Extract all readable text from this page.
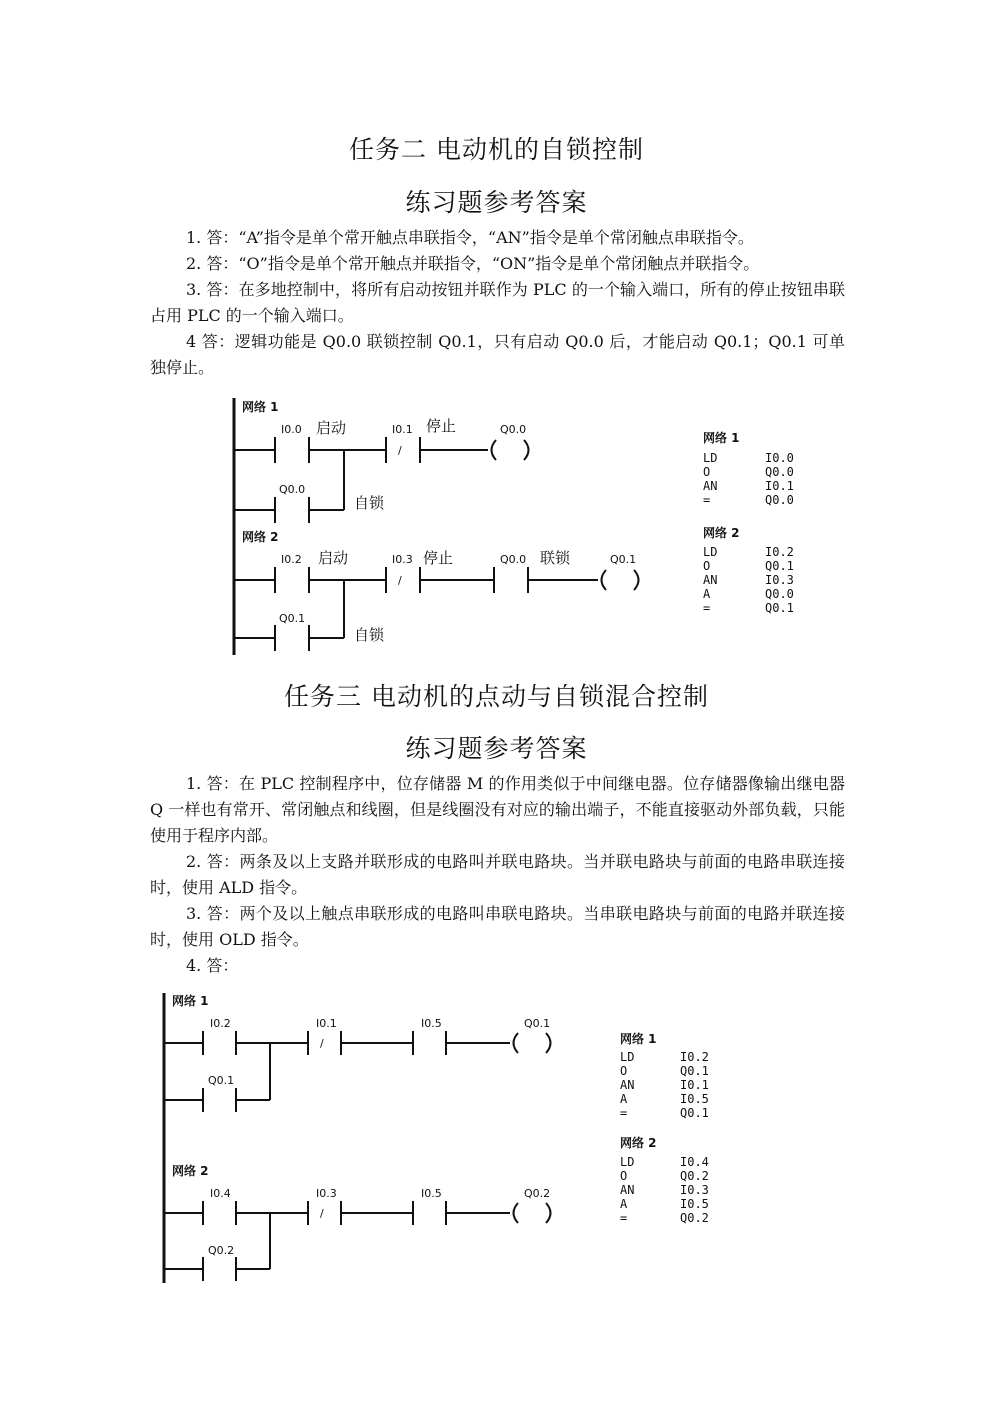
任务二 电动机的自锁控制
练习题参考答案
1. 答：“A”指令是单个常开触点串联指令，“AN”指令是单个常闭触点串联指令。
2. 答：“O”指令是单个常开触点并联指令，“ON”指令是单个常闭触点并联指令。
3. 答：在多地控制中，将所有启动按钮并联作为 PLC 的一个输入端口，所有的停止按钮串联占用 PLC 的一个输入端口。
4 答：逻辑功能是 Q0.0 联锁控制 Q0.1，只有启动 Q0.0 后，才能启动 Q0.1；Q0.1 可单独停止。
网络 1
I0.0 启动	I0.1
/
停止	Q0.0
Q0.0
自锁
网络 2
I0.2 启动	I0.3
/
停止	Q0.0 联锁	Q0.1
Q0.1
自锁
网络 1
LD	I0.0
O	Q0.0
AN	I0.1
=	Q0.0
网络 2
LD	I0.2
O	Q0.1
AN	I0.3
A	Q0.0
=	Q0.1
任务三 电动机的点动与自锁混合控制
练习题参考答案
1. 答：在 PLC 控制程序中，位存储器 M 的作用类似于中间继电器。位存储器像输出继电器 Q 一样也有常开、常闭触点和线圈，但是线圈没有对应的输出端子，不能直接驱动外部负载，只能使用于程序内部。
2. 答：两条及以上支路并联形成的电路叫并联电路块。当并联电路块与前面的电路串联连接时，使用 ALD 指令。
3. 答：两个及以上触点串联形成的电路叫串联电路块。当串联电路块与前面的电路并联连接时，使用 OLD 指令。
4. 答：
网络 1
I0.2	I0.1
/
I0.5	Q0.1
Q0.1
网络 2
I0.4	I0.3
/
I0.5	Q0.2
Q0.2
网络 1
LD	I0.2
O	Q0.1
AN	I0.1
A	I0.5
=	Q0.1
网络 2
LD	I0.4
O	Q0.2
AN	I0.3
A	I0.5
=	Q0.2
